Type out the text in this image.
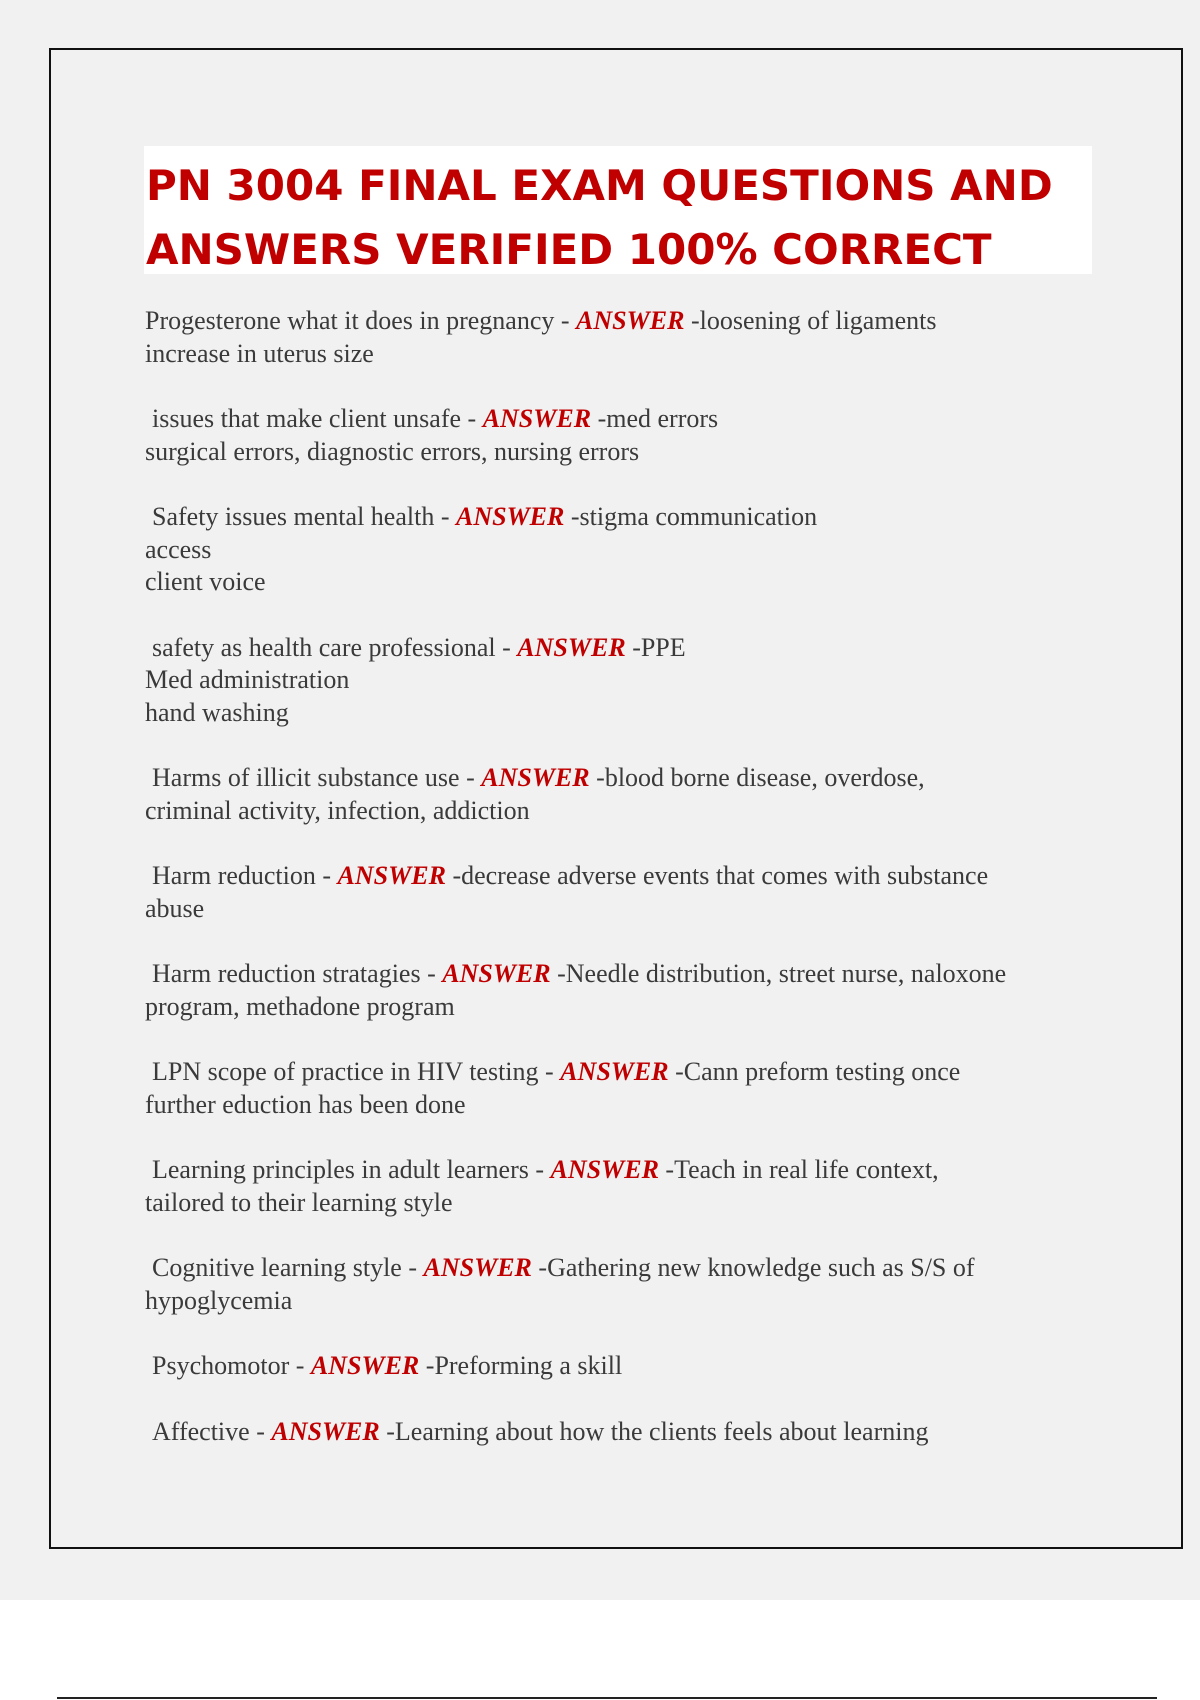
PN 3004 FINAL EXAM QUESTIONS AND
ANSWERS VERIFIED 100% CORRECT
Progesterone what it does in pregnancy - ANSWER -loosening of ligaments
increase in uterus size
issues that make client unsafe - ANSWER -med errors
surgical errors, diagnostic errors, nursing errors
Safety issues mental health - ANSWER -stigma communication
access
client voice
safety as health care professional - ANSWER -PPE
Med administration
hand washing
Harms of illicit substance use - ANSWER -blood borne disease, overdose,
criminal activity, infection, addiction
Harm reduction - ANSWER -decrease adverse events that comes with substance
abuse
Harm reduction stratagies - ANSWER -Needle distribution, street nurse, naloxone
program, methadone program
LPN scope of practice in HIV testing - ANSWER -Cann preform testing once
further eduction has been done
Learning principles in adult learners - ANSWER -Teach in real life context,
tailored to their learning style
Cognitive learning style - ANSWER -Gathering new knowledge such as S/S of
hypoglycemia
Psychomotor - ANSWER -Preforming a skill
Affective - ANSWER -Learning about how the clients feels about learning
